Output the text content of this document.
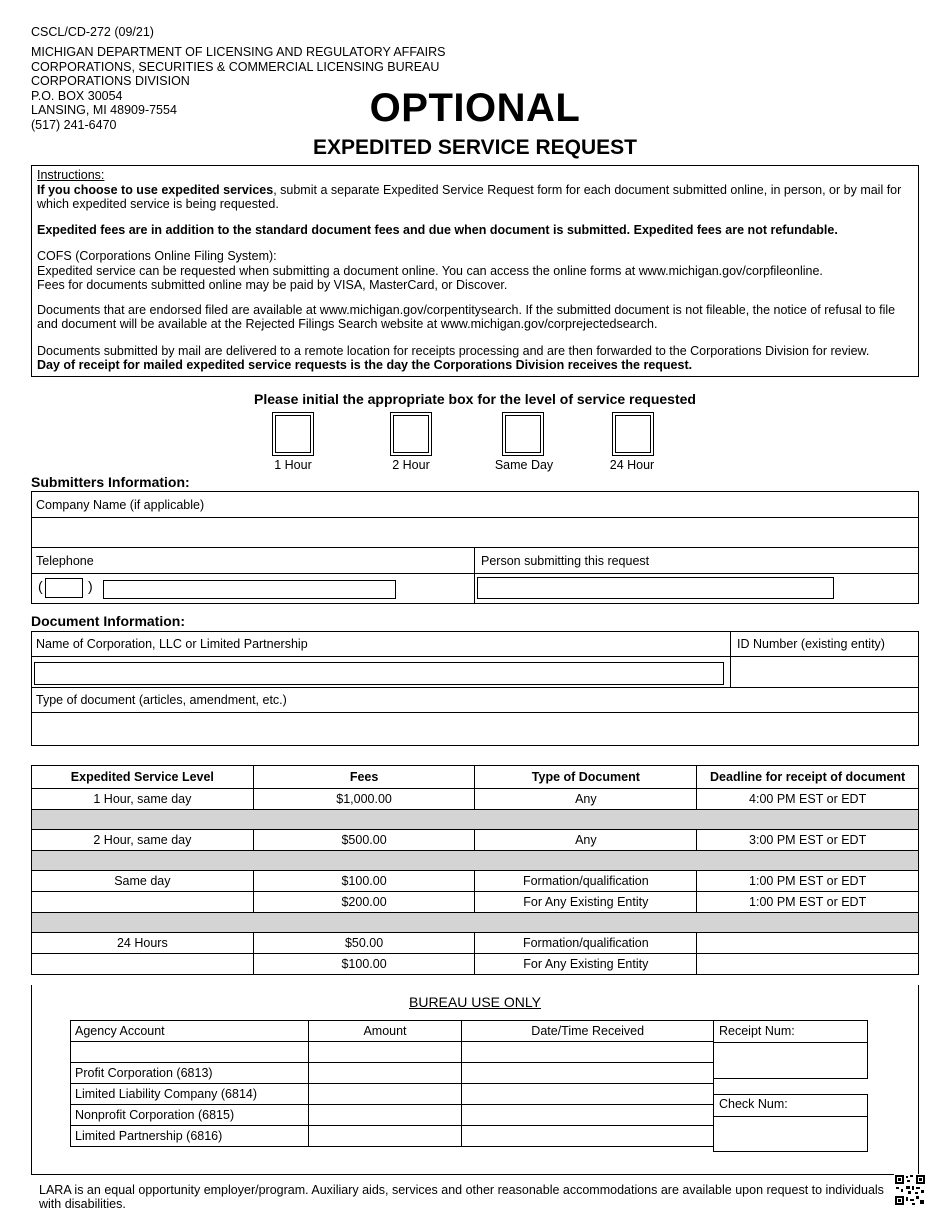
CSCL/CD-272 (09/21)
MICHIGAN DEPARTMENT OF LICENSING AND REGULATORY AFFAIRS
CORPORATIONS, SECURITIES & COMMERCIAL LICENSING BUREAU
CORPORATIONS DIVISION
P.O. BOX 30054
LANSING, MI 48909-7554
(517) 241-6470	OPTIONAL
EXPEDITED SERVICE REQUEST

Instructions:

If you choose to use expedited services, submit a separate Expedited Service Request form for each document submitted online, in person, or by mail for which expedited service is being requested.

Expedited fees are in addition to the standard document fees and due when document is submitted. Expedited fees are not refundable.

COFS (Corporations Online Filing System):

Expedited service can be requested when submitting a document online. You can access the online forms at www.michigan.gov/corpfileonline.

Fees for documents submitted online may be paid by VISA, MasterCard, or Discover.

Documents that are endorsed filed are available at www.michigan.gov/corpentitysearch. If the submitted document is not fileable, the notice of refusal to file and document will be available at the Rejected Filings Search website at www.michigan.gov/corprejectedsearch.

Documents submitted by mail are delivered to a remote location for receipts processing and are then forwarded to the Corporations Division for review.

Day of receipt for mailed expedited service requests is the day the Corporations Division receives the request.

Please initial the appropriate box for the level of service requested
1 Hour	2 Hour	Same Day	24 Hour
Submitters Information:
Company Name (if applicable)
Telephone	Person submitting this request
(	)
Document Information:
Name of Corporation, LLC or Limited Partnership	ID Number (existing entity)
Type of document (articles, amendment, etc.)
Expedited Service Level	Fees	Type of Document	Deadline for receipt of document
1 Hour, same day	$1,000.00	Any	4:00 PM EST or EDT

2 Hour, same day	$500.00	Any	3:00 PM EST or EDT

Same day	$100.00	Formation/qualification	1:00 PM EST or EDT
	$200.00	For Any Existing Entity	1:00 PM EST or EDT

24 Hours	$50.00	Formation/qualification	
	$100.00	For Any Existing Entity	
BUREAU USE ONLY
Agency Account	Amount	Date/Time Received

Profit Corporation (6813)		
Limited Liability Company (6814)		
Nonprofit Corporation (6815)		
Limited Partnership (6816)		
Receipt Num:
Check Num:
LARA is an equal opportunity employer/program. Auxiliary aids, services and other reasonable accommodations are available upon request to individuals with disabilities.
